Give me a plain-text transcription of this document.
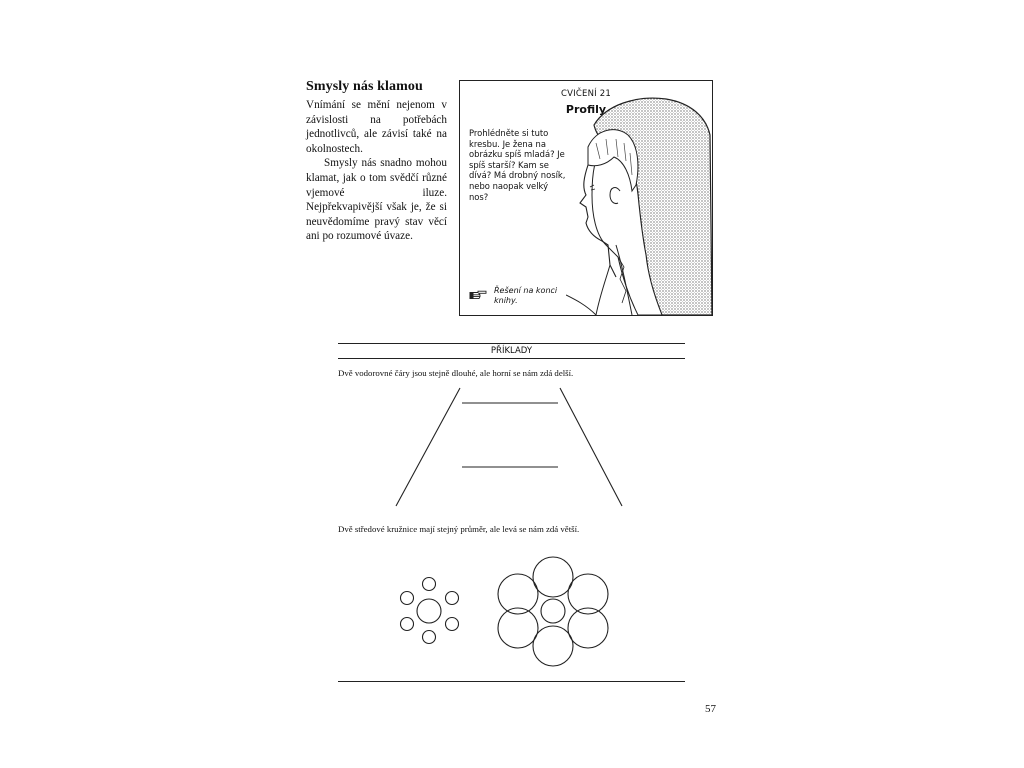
Smysly nás klamou

Vnímání se mění nejenom v závislosti na potřebách jednotlivců, ale závisí také na okolnostech.

Smysly nás snadno mohou klamat, jak o tom svědčí různé vjemové iluze. Nejpřekvapivější však je, že si neuvědomíme pravý stav věcí ani po rozumové úvaze.

CVIČENÍ 21
Profily
Prohlédněte si tuto kresbu. Je žena na obrázku spíš mladá? Je spíš starší? Kam se dívá? Má drobný nosík, nebo naopak velký nos?
Řešení na konci knihy.
PŘÍKLADY
Dvě vodorovné čáry jsou stejně dlouhé, ale horní se nám zdá delší.
Dvě středové kružnice mají stejný průměr, ale levá se nám zdá větší.
57
